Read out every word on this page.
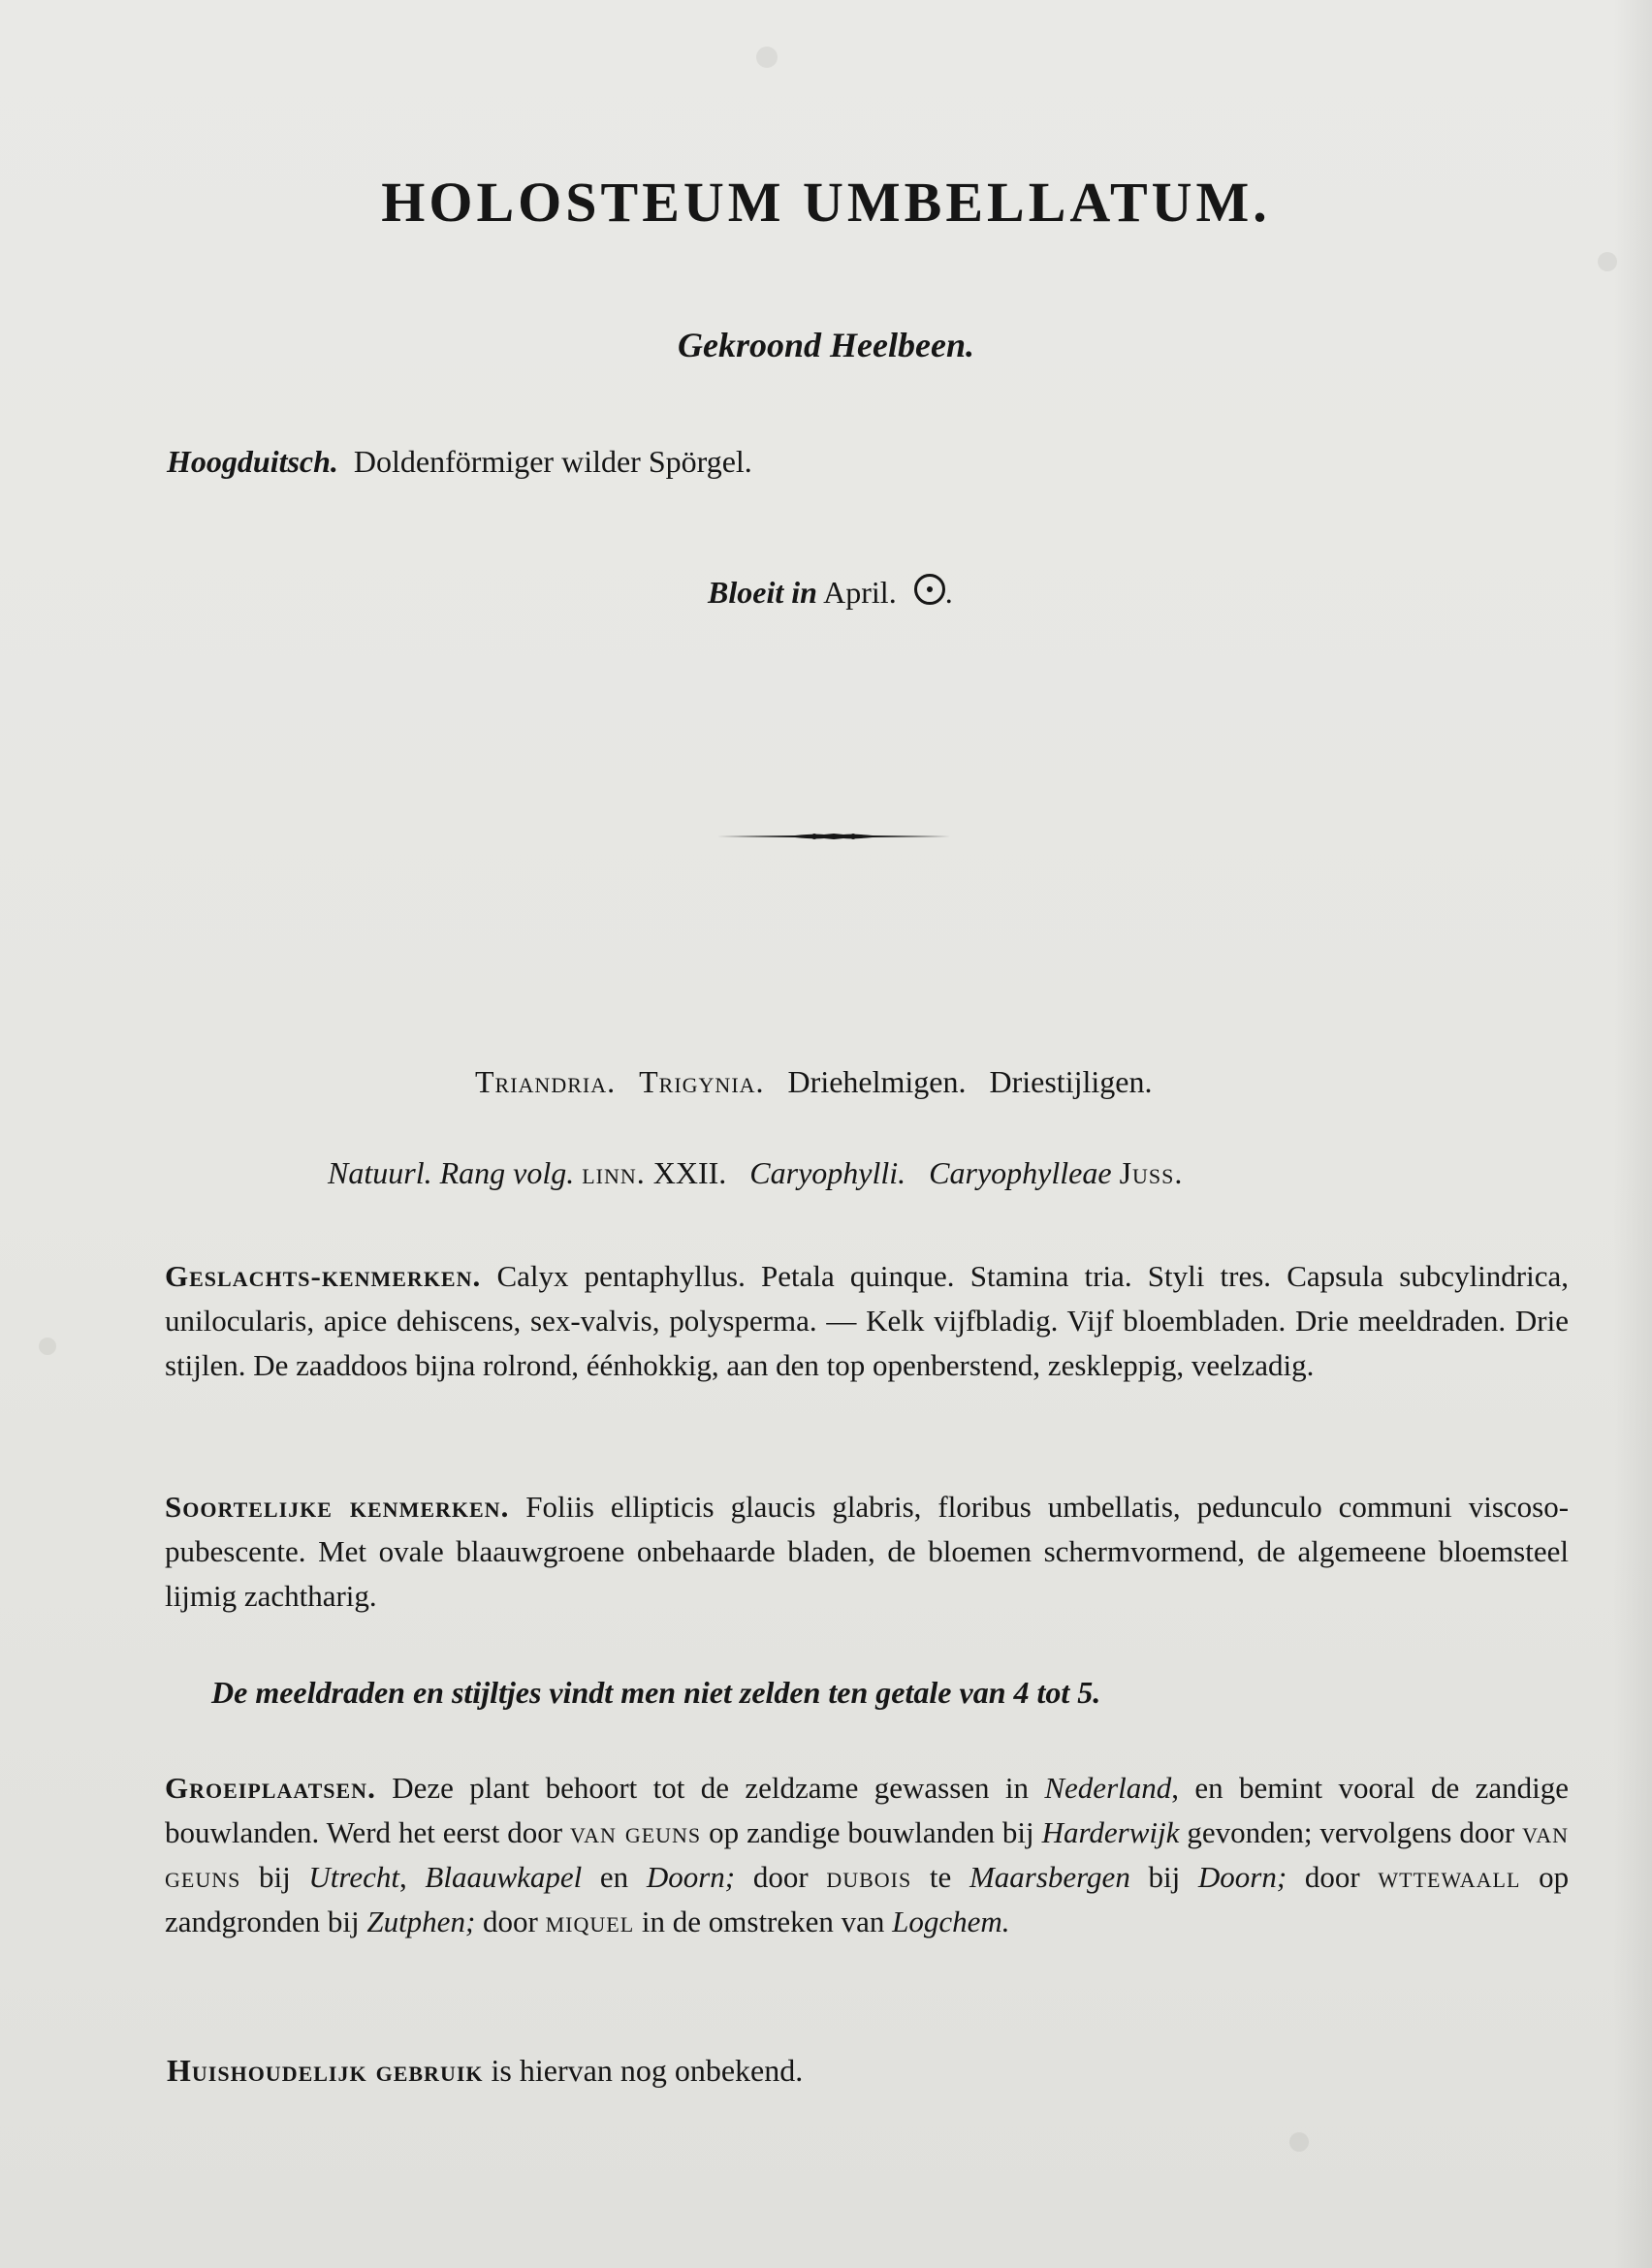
HOLOSTEUM UMBELLATUM.
Gekroond Heelbeen.
Hoogduitsch. Doldenförmiger wilder Spörgel.
Bloeit in April. .
Triandria. Trigynia. Driehelmigen. Driestijligen.
Natuurl. Rang volg. linn. XXII. Caryophylli. Caryophylleae Juss.
Geslachts-kenmerken. Calyx pentaphyllus. Petala quinque. Stamina tria. Styli tres. Capsula subcylindrica, unilocularis, apice dehiscens, sex-valvis, polysperma. — Kelk vijfbladig. Vijf bloembladen. Drie meeldraden. Drie stijlen. De zaaddoos bijna rolrond, éénhokkig, aan den top openberstend, zeskleppig, veelzadig.
Soortelijke kenmerken. Foliis ellipticis glaucis glabris, floribus umbellatis, pedunculo communi viscoso-pubescente. Met ovale blaauwgroene onbehaarde bladen, de bloemen schermvormend, de algemeene bloemsteel lijmig zachtharig.
De meeldraden en stijltjes vindt men niet zelden ten getale van 4 tot 5.
Groeiplaatsen. Deze plant behoort tot de zeldzame gewassen in Nederland, en bemint vooral de zandige bouwlanden. Werd het eerst door van geuns op zandige bouwlanden bij Harderwijk gevonden; vervolgens door van geuns bij Utrecht, Blaauwkapel en Doorn; door dubois te Maarsbergen bij Doorn; door wttewaall op zandgronden bij Zutphen; door miquel in de omstreken van Logchem.
Huishoudelijk gebruik is hiervan nog onbekend.
